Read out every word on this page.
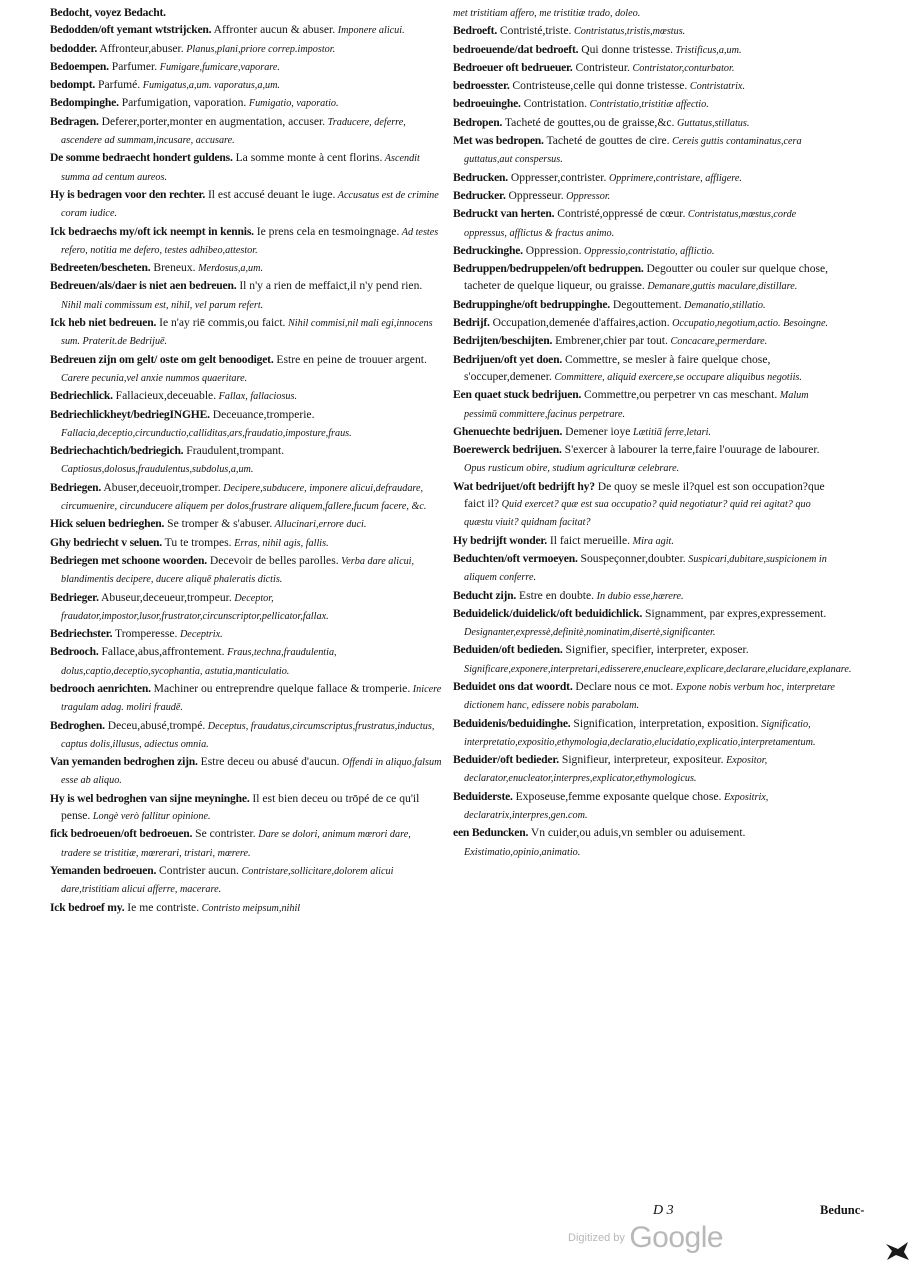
Bedocht, voyez Bedacht.

Bedodden/oft yemant wtstrijcken. Affronter aucun & abuser. Imponere alicui.

bedodder. Affronteur,abuser. Planus,plani,priore correp.impostor.

Bedoempen. Parfumer. Fumigare,fumicare,vaporare.

bedompt. Parfumé. Fumigatus,a,um. vaporatus,a,um.

Bedompinghe. Parfumigation, vaporation. Fumigatio, vaporatio.

Bedragen. Deferer,porter,monter en augmentation, accuser. Traducere, deferre, ascendere ad summam,incusare, accusare.

De somme bedraecht hondert guldens. La somme monte à cent florins. Ascendit summa ad centum aureos.

Hy is bedragen voor den rechter. Il est accusé deuant le iuge. Accusatus est de crimine coram iudice.

Ick bedraechs my/oft ick neempt in kennis. Ie prens cela en tesmoingnage. Ad testes refero, notitia me defero, testes adhibeo,attestor.

Bedreeten/bescheten. Breneux. Merdosus,a,um.

Bedreuen/als/daer is niet aen bedreuen. Il n'y a rien de meffaict,il n'y pend rien. Nihil mali commissum est, nihil, vel parum refert.

Ick heb niet bedreuen. Ie n'ay riē commis,ou faict. Nihil commisi,nil mali egi,innocens sum. Praterit.de Bedrijuē.

Bedreuen zijn om gelt/ oste om gelt benoodiget. Estre en peine de trouuer argent. Carere pecunia,vel anxie nummos quaeritare.

Bedriechlick. Fallacieux,deceuable. Fallax, fallaciosus.

Bedriechlickheyt/bedriegINGHE. Deceuance,tromperie. Fallacia,deceptio,circunductio,calliditas,ars,fraudatio,imposture,fraus.

Bedriechachtich/bedriegich. Fraudulent,trompant. Captiosus,dolosus,fraudulentus,subdolus,a,um.

Bedriegen. Abuser,deceuoir,tromper. Decipere,subducere, imponere alicui,defraudare, circumuenire, circunducere aliquem per dolos,frustrare aliquem,fallere,fucum facere, &c.

Hick seluen bedrieghen. Se tromper & s'abuser. Allucinari,errore duci.

Ghy bedriecht v seluen. Tu te trompes. Erras, nihil agis, fallis.

Bedriegen met schoone woorden. Decevoir de belles parolles. Verba dare alicui, blandimentis decipere, ducere aliquē phaleratis dictis.

Bedrieger. Abuseur,deceueur,trompeur. Deceptor, fraudator,impostor,lusor,frustrator,circunscriptor,pellicator,fallax.

Bedriechster. Tromperesse. Deceptrix.

Bedrooch. Fallace,abus,affrontement. Fraus,techna,fraudulentia, dolus,captio,deceptio,sycophantia, astutia,manticulatio.

bedrooch aenrichten. Machiner ou entreprendre quelque fallace & tromperie. Inicere tragulam adag. moliri fraudē.

Bedroghen. Deceu,abusé,trompé. Deceptus, fraudatus,circumscriptus,frustratus,inductus, captus dolis,illusus, adiectus omnia.

Van yemanden bedroghen zijn. Estre deceu ou abusé d'aucun. Offendi in aliquo,falsum esse ab aliquo.

Hy is wel bedroghen van sijne meyninghe. Il est bien deceu ou trōpé de ce qu'il pense. Longè verò fallitur opinione.

fick bedroeuen/oft bedroeuen. Se contrister. Dare se dolori, animum mœrori dare, tradere se tristitiæ, mœrerari, tristari, mœrere.

Yemanden bedroeuen. Contrister aucun. Contristare,sollicitare,dolorem alicui dare,tristitiam alicui afferre, macerare.

Ick bedroef my. Ie me contriste. Contristo meipsum,nihil

met tristitiam affero, me tristitiæ trado, doleo.

Bedroeft. Contristé,triste. Contristatus,tristis,mœstus.

bedroeuende/dat bedroeft. Qui donne tristesse. Tristificus,a,um.

Bedroeuer oft bedrueuer. Contristeur. Contristator,conturbator.

bedroesster. Contristeuse,celle qui donne tristesse. Contristatrix.

bedroeuinghe. Contristation. Contristatio,tristitiæ affectio.

Bedropen. Tacheté de gouttes,ou de graisse,&c. Guttatus,stillatus.

Met was bedropen. Tacheté de gouttes de cire. Cereis guttis contaminatus,cera guttatus,aut conspersus.

Bedrucken. Oppresser,contrister. Opprimere,contristare, affligere.

Bedrucker. Oppresseur. Oppressor.

Bedruckt van herten. Contristé,oppressé de cœur. Contristatus,mœstus,corde oppressus, afflictus & fractus animo.

Bedruckinghe. Oppression. Oppressio,contristatio, afflictio.

Bedruppen/bedruppelen/oft bedruppen. Degoutter ou couler sur quelque chose, tacheter de quelque liqueur, ou graisse. Demanare,guttis maculare,distillare.

Bedruppinghe/oft bedruppinghe. Degouttement. Demanatio,stillatio.

Bedrijf. Occupation,demenée d'affaires,action. Occupatio,negotium,actio. Besoingne.

Bedrijten/beschijten. Embrener,chier par tout. Concacare,permerdare.

Bedrijuen/oft yet doen. Commettre, se mesler à faire quelque chose, s'occuper,demener. Committere, aliquid exercere,se occupare aliquibus negotiis.

Een quaet stuck bedrijuen. Commettre,ou perpetrer vn cas meschant. Malum pessimū committere,facinus perpetrare.

Ghenuechte bedrijuen. Demener ioye Lætitiā ferre,letari.

Boerewerck bedrijuen. S'exercer à labourer la terre,faire l'ouurage de labourer. Opus rusticum obire, studium agriculturæ celebrare.

Wat bedrijuet/oft bedrijft hy? De quoy se mesle il?quel est son occupation?que faict il? Quid exercet? quæ est sua occupatio? quid negotiatur? quid rei agitat? quo quæstu viuit? quidnam facitat?

Hy bedrijft wonder. Il faict merueille. Mira agit.

Beduchten/oft vermoeyen. Souspeçonner,doubter. Suspicari,dubitare,suspicionem in aliquem conferre.

Beducht zijn. Estre en doubte. In dubio esse,hærere.

Beduidelick/duidelick/oft beduidichlick. Signamment, par expres,expressement. Designanter,expressè,definitè,nominatim,disertè,significanter.

Beduiden/oft bedieden. Signifier, specifier, interpreter, exposer. Significare,exponere,interpretari,edisserere,enucleare,explicare,declarare,elucidare,explanare.

Beduidet ons dat woordt. Declare nous ce mot. Expone nobis verbum hoc, interpretare dictionem hanc, edissere nobis parabolam.

Beduidenis/beduidinghe. Signification, interpretation, exposition. Significatio, interpretatio,expositio,ethymologia,declaratio,elucidatio,explicatio,interpretamentum.

Beduider/oft bedieder. Signifieur, interpreteur, expositeur. Expositor, declarator,enucleator,interpres,explicator,ethymologicus.

Beduiderste. Exposeuse,femme exposante quelque chose. Expositrix, declaratrix,interpres,gen.com.

een Beduncken. Vn cuider,ou aduis,vn sembler ou aduisement. Existimatio,opinio,animatio.

D 3	Bedunc-
Digitized by Google
